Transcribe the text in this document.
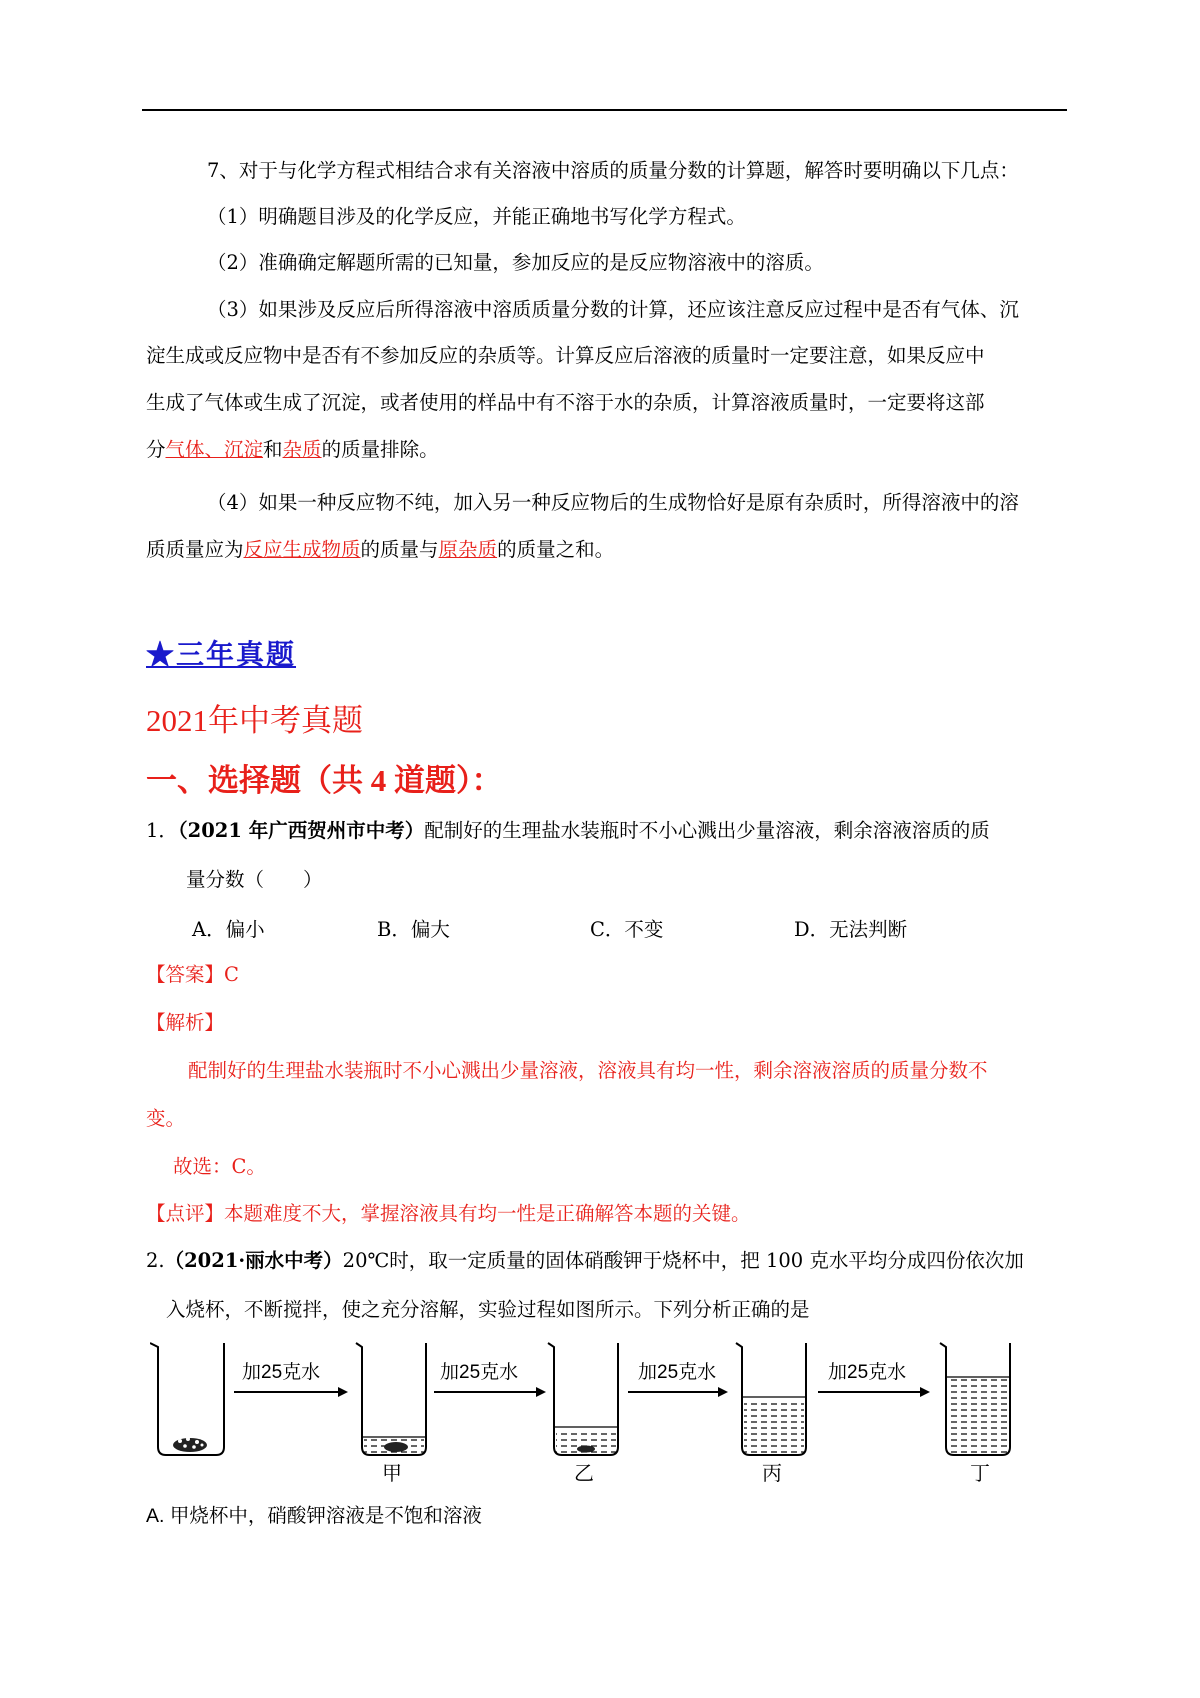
7、对于与化学方程式相结合求有关溶液中溶质的质量分数的计算题，解答时要明确以下几点：
（1）明确题目涉及的化学反应，并能正确地书写化学方程式。
（2）准确确定解题所需的已知量，参加反应的是反应物溶液中的溶质。
（3）如果涉及反应后所得溶液中溶质质量分数的计算，还应该注意反应过程中是否有气体、沉
淀生成或反应物中是否有不参加反应的杂质等。计算反应后溶液的质量时一定要注意，如果反应中
生成了气体或生成了沉淀，或者使用的样品中有不溶于水的杂质，计算溶液质量时，一定要将这部
分气体、沉淀和杂质的质量排除。
（4）如果一种反应物不纯，加入另一种反应物后的生成物恰好是原有杂质时，所得溶液中的溶
质质量应为反应生成物质的质量与原杂质的质量之和。
★三年真题
2021年中考真题
一、选择题（共 4 道题）：
1．（2021 年广西贺州市中考）配制好的生理盐水装瓶时不小心溅出少量溶液，剩余溶液溶质的质
量分数（　　）
A．偏小	B．偏大	C．不变	D．无法判断
【答案】C
【解析】
配制好的生理盐水装瓶时不小心溅出少量溶液，溶液具有均一性，剩余溶液溶质的质量分数不
变。
故选：C。
【点评】本题难度不大，掌握溶液具有均一性是正确解答本题的关键。
2.（2021·丽水中考）20℃时，取一定质量的固体硝酸钾于烧杯中，把 100 克水平均分成四份依次加
入烧杯，不断搅拌，使之充分溶解，实验过程如图所示。下列分析正确的是
加25克水
甲
加25克水
乙
加25克水
丙
加25克水
丁
A. 甲烧杯中，硝酸钾溶液是不饱和溶液
